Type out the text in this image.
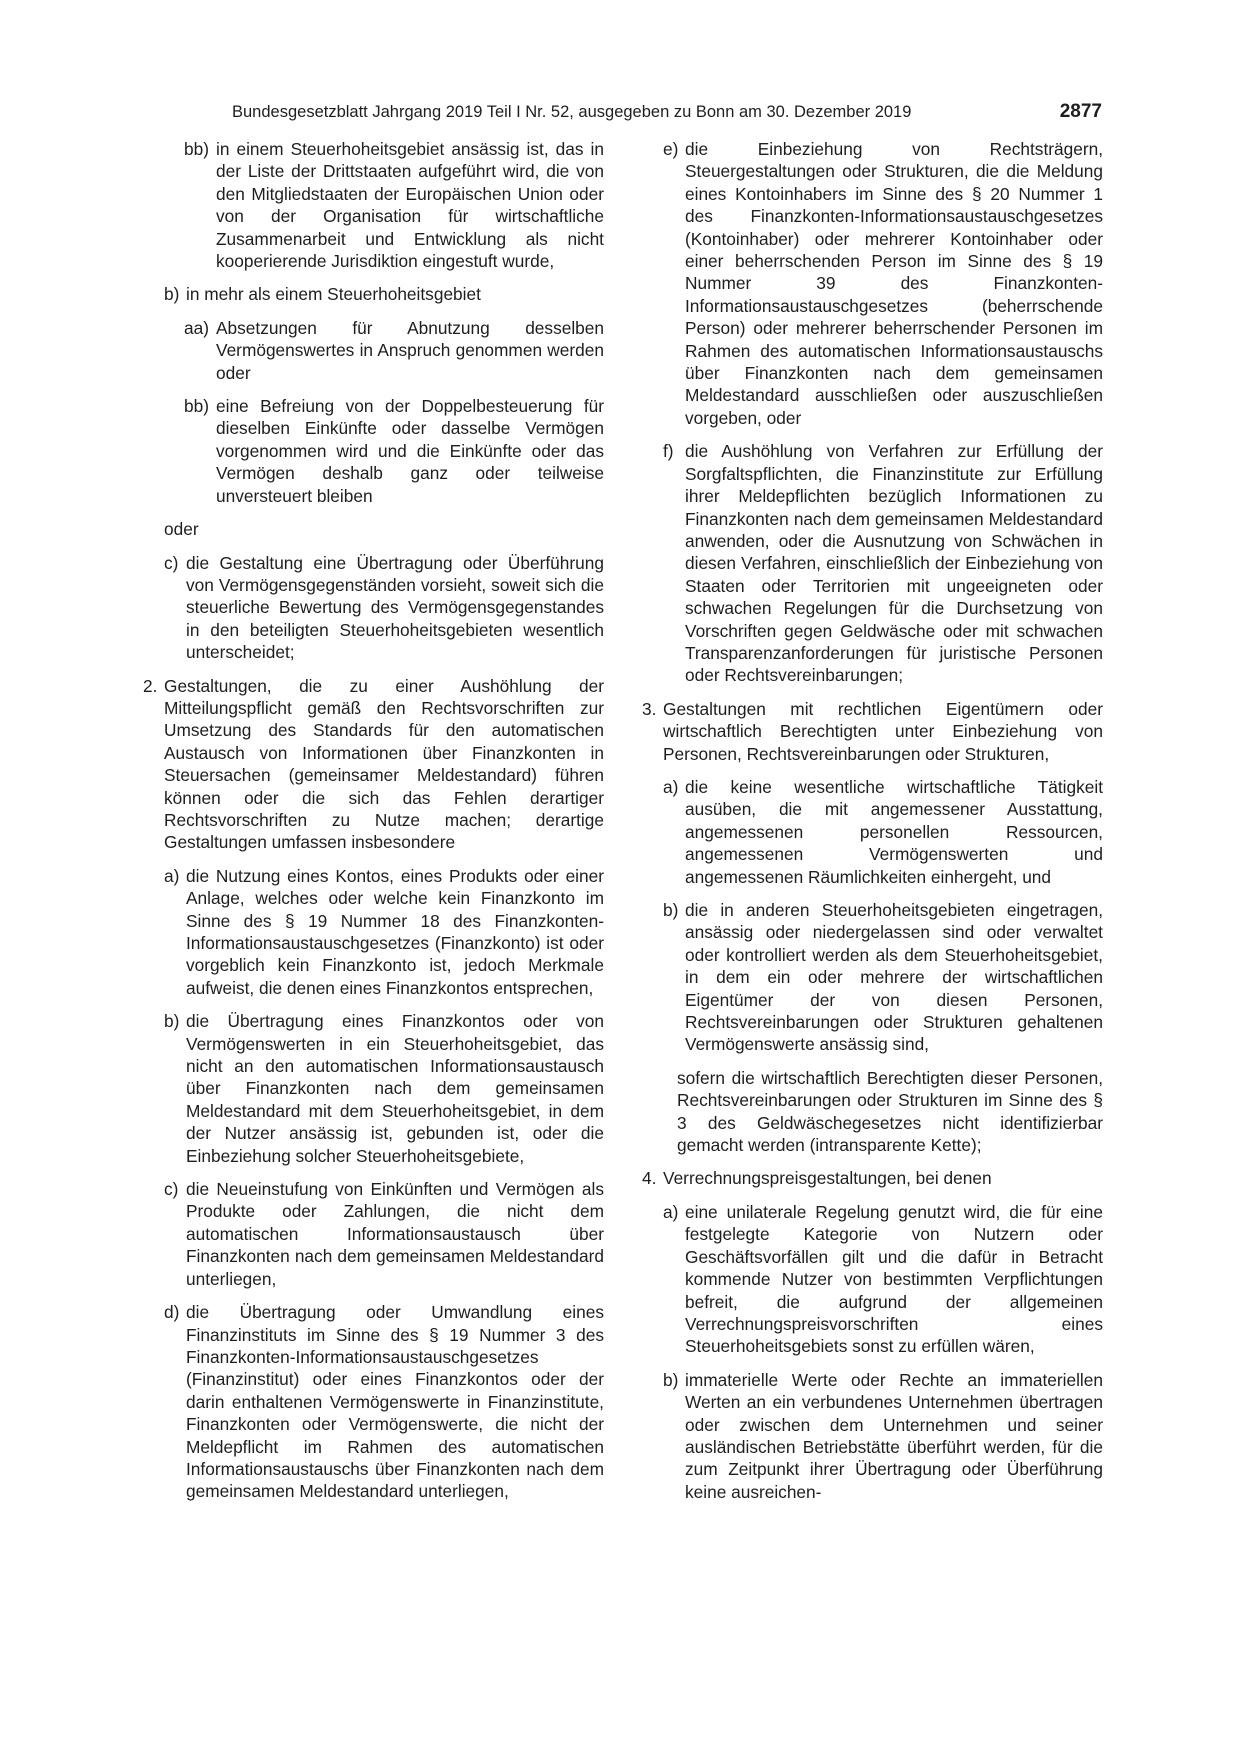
Bundesgesetzblatt Jahrgang 2019 Teil I Nr. 52, ausgegeben zu Bonn am 30. Dezember 2019	2877
bb) in einem Steuerhoheitsgebiet ansässig ist, das in der Liste der Drittstaaten aufgeführt wird, die von den Mitgliedstaaten der Europäischen Union oder von der Organisation für wirtschaftliche Zusammenarbeit und Entwicklung als nicht kooperierende Jurisdiktion eingestuft wurde,
b) in mehr als einem Steuerhoheitsgebiet
aa) Absetzungen für Abnutzung desselben Vermögenswertes in Anspruch genommen werden oder
bb) eine Befreiung von der Doppelbesteuerung für dieselben Einkünfte oder dasselbe Vermögen vorgenommen wird und die Einkünfte oder das Vermögen deshalb ganz oder teilweise unversteuert bleiben
oder
c) die Gestaltung eine Übertragung oder Überführung von Vermögensgegenständen vorsieht, soweit sich die steuerliche Bewertung des Vermögensgegenstandes in den beteiligten Steuerhoheitsgebieten wesentlich unterscheidet;
2. Gestaltungen, die zu einer Aushöhlung der Mitteilungspflicht gemäß den Rechtsvorschriften zur Umsetzung des Standards für den automatischen Austausch von Informationen über Finanzkonten in Steuersachen (gemeinsamer Meldestandard) führen können oder die sich das Fehlen derartiger Rechtsvorschriften zu Nutze machen; derartige Gestaltungen umfassen insbesondere
a) die Nutzung eines Kontos, eines Produkts oder einer Anlage, welches oder welche kein Finanzkonto im Sinne des § 19 Nummer 18 des Finanzkonten-Informationsaustauschgesetzes (Finanzkonto) ist oder vorgeblich kein Finanzkonto ist, jedoch Merkmale aufweist, die denen eines Finanzkontos entsprechen,
b) die Übertragung eines Finanzkontos oder von Vermögenswerten in ein Steuerhoheitsgebiet, das nicht an den automatischen Informationsaustausch über Finanzkonten nach dem gemeinsamen Meldestandard mit dem Steuerhoheitsgebiet, in dem der Nutzer ansässig ist, gebunden ist, oder die Einbeziehung solcher Steuerhoheitsgebiete,
c) die Neueinstufung von Einkünften und Vermögen als Produkte oder Zahlungen, die nicht dem automatischen Informationsaustausch über Finanzkonten nach dem gemeinsamen Meldestandard unterliegen,
d) die Übertragung oder Umwandlung eines Finanzinstituts im Sinne des § 19 Nummer 3 des Finanzkonten-Informationsaustauschgesetzes (Finanzinstitut) oder eines Finanzkontos oder der darin enthaltenen Vermögenswerte in Finanzinstitute, Finanzkonten oder Vermögenswerte, die nicht der Meldepflicht im Rahmen des automatischen Informationsaustauschs über Finanzkonten nach dem gemeinsamen Meldestandard unterliegen,
e) die Einbeziehung von Rechtsträgern, Steuergestaltungen oder Strukturen, die die Meldung eines Kontoinhabers im Sinne des § 20 Nummer 1 des Finanzkonten-Informationsaustauschgesetzes (Kontoinhaber) oder mehrerer Kontoinhaber oder einer beherrschenden Person im Sinne des § 19 Nummer 39 des Finanzkonten-Informationsaustauschgesetzes (beherrschende Person) oder mehrerer beherrschender Personen im Rahmen des automatischen Informationsaustauschs über Finanzkonten nach dem gemeinsamen Meldestandard ausschließen oder auszuschließen vorgeben, oder
f) die Aushöhlung von Verfahren zur Erfüllung der Sorgfaltspflichten, die Finanzinstitute zur Erfüllung ihrer Meldepflichten bezüglich Informationen zu Finanzkonten nach dem gemeinsamen Meldestandard anwenden, oder die Ausnutzung von Schwächen in diesen Verfahren, einschließlich der Einbeziehung von Staaten oder Territorien mit ungeeigneten oder schwachen Regelungen für die Durchsetzung von Vorschriften gegen Geldwäsche oder mit schwachen Transparenzanforderungen für juristische Personen oder Rechtsvereinbarungen;
3. Gestaltungen mit rechtlichen Eigentümern oder wirtschaftlich Berechtigten unter Einbeziehung von Personen, Rechtsvereinbarungen oder Strukturen,
a) die keine wesentliche wirtschaftliche Tätigkeit ausüben, die mit angemessener Ausstattung, angemessenen personellen Ressourcen, angemessenen Vermögenswerten und angemessenen Räumlichkeiten einhergeht, und
b) die in anderen Steuerhoheitsgebieten eingetragen, ansässig oder niedergelassen sind oder verwaltet oder kontrolliert werden als dem Steuerhoheitsgebiet, in dem ein oder mehrere der wirtschaftlichen Eigentümer der von diesen Personen, Rechtsvereinbarungen oder Strukturen gehaltenen Vermögenswerte ansässig sind,
sofern die wirtschaftlich Berechtigten dieser Personen, Rechtsvereinbarungen oder Strukturen im Sinne des § 3 des Geldwäschegesetzes nicht identifizierbar gemacht werden (intransparente Kette);
4. Verrechnungspreisgestaltungen, bei denen
a) eine unilaterale Regelung genutzt wird, die für eine festgelegte Kategorie von Nutzern oder Geschäftsvorfällen gilt und die dafür in Betracht kommende Nutzer von bestimmten Verpflichtungen befreit, die aufgrund der allgemeinen Verrechnungspreisvorschriften eines Steuerhoheitsgebiets sonst zu erfüllen wären,
b) immaterielle Werte oder Rechte an immateriellen Werten an ein verbundenes Unternehmen übertragen oder zwischen dem Unternehmen und seiner ausländischen Betriebstätte überführt werden, für die zum Zeitpunkt ihrer Übertragung oder Überführung keine ausreichen-
